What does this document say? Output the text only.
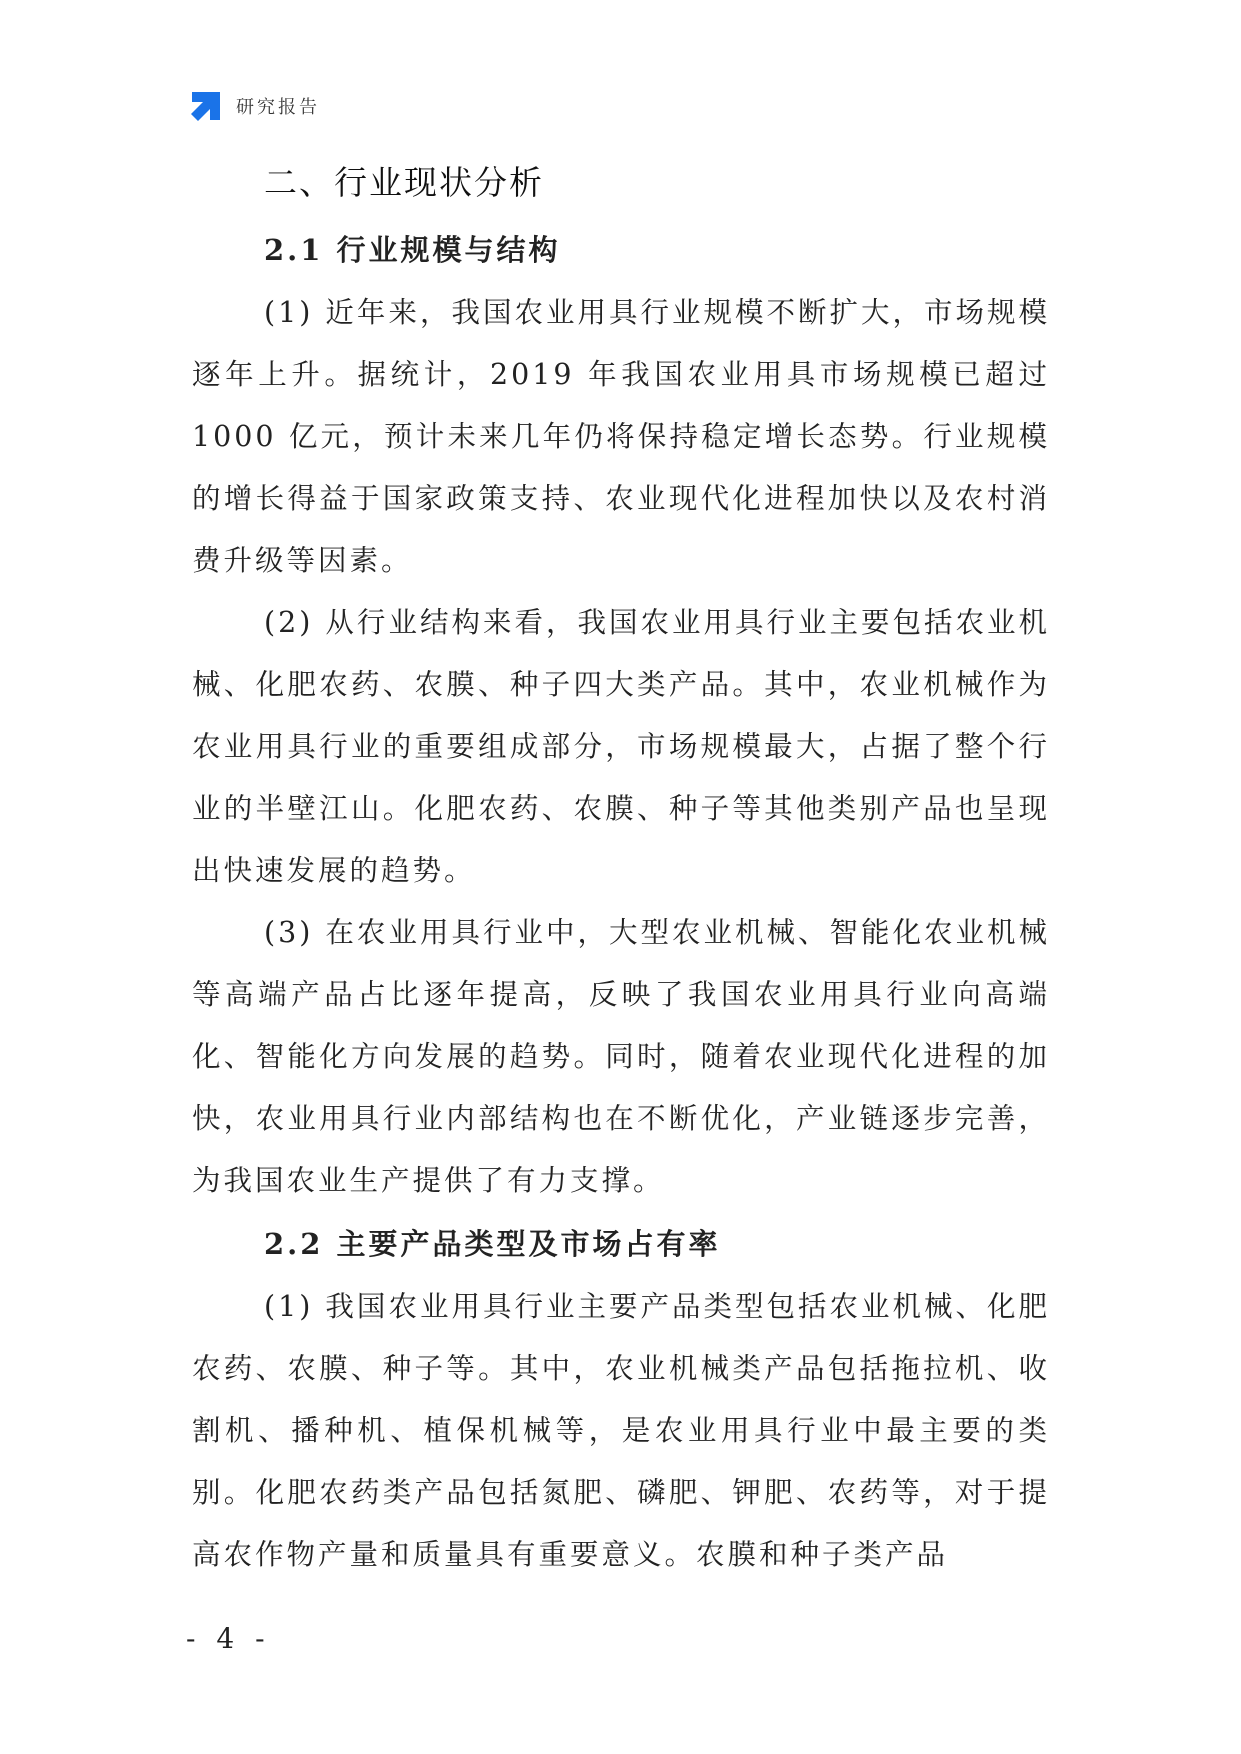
研究报告
二、行业现状分析
2.1 行业规模与结构

(1) 近年来，我国农业用具行业规模不断扩大，市场规模逐年上升。据统计，2019 年我国农业用具市场规模已超过 1000 亿元，预计未来几年仍将保持稳定增长态势。行业规模的增长得益于国家政策支持、农业现代化进程加快以及农村消费升级等因素。

(2) 从行业结构来看，我国农业用具行业主要包括农业机械、化肥农药、农膜、种子四大类产品。其中，农业机械作为农业用具行业的重要组成部分，市场规模最大，占据了整个行业的半壁江山。化肥农药、农膜、种子等其他类别产品也呈现出快速发展的趋势。

(3) 在农业用具行业中，大型农业机械、智能化农业机械等高端产品占比逐年提高，反映了我国农业用具行业向高端化、智能化方向发展的趋势。同时，随着农业现代化进程的加快，农业用具行业内部结构也在不断优化，产业链逐步完善，为我国农业生产提供了有力支撑。

2.2 主要产品类型及市场占有率

(1) 我国农业用具行业主要产品类型包括农业机械、化肥农药、农膜、种子等。其中，农业机械类产品包括拖拉机、收割机、播种机、植保机械等，是农业用具行业中最主要的类别。化肥农药类产品包括氮肥、磷肥、钾肥、农药等，对于提高农作物产量和质量具有重要意义。农膜和种子类产品

- 4 -
